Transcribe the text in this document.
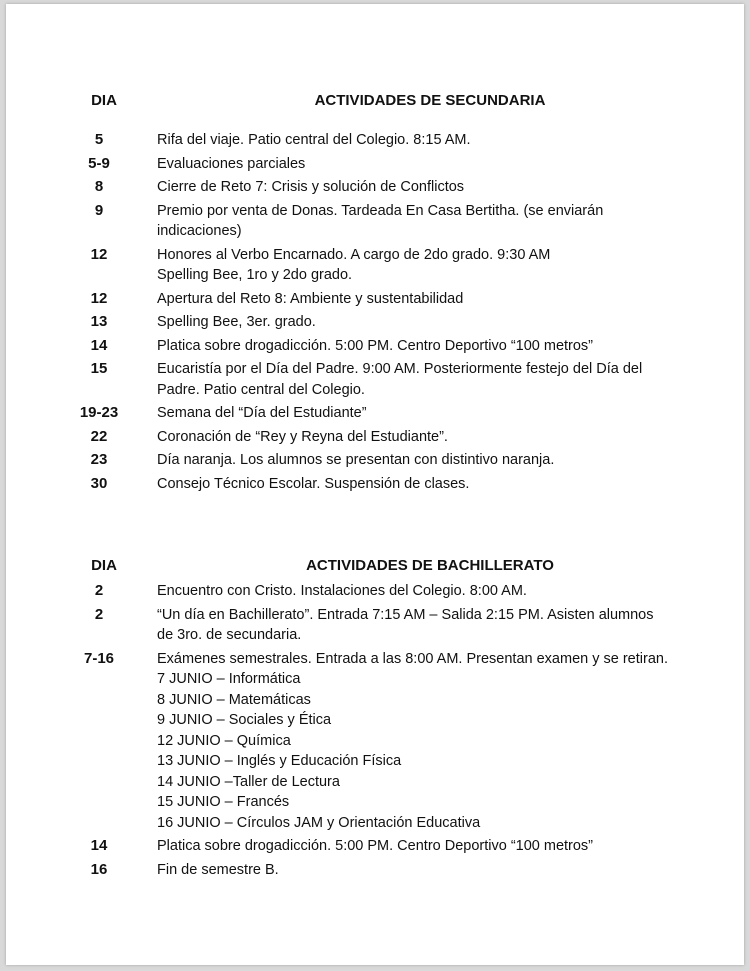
DIA	ACTIVIDADES DE SECUNDARIA
5	Rifa del viaje. Patio central del Colegio. 8:15 AM.
5-9	Evaluaciones parciales
8	Cierre de Reto 7: Crisis y solución de Conflictos
9	Premio por venta de Donas. Tardeada En Casa Bertitha. (se enviarán
indicaciones)
12	Honores al Verbo Encarnado. A cargo de 2do grado. 9:30 AM
Spelling Bee, 1ro y 2do grado.
12	Apertura del Reto 8: Ambiente y sustentabilidad
13	Spelling Bee, 3er. grado.
14	Platica sobre drogadicción. 5:00 PM. Centro Deportivo “100 metros”
15	Eucaristía por el Día del Padre. 9:00 AM. Posteriormente festejo del Día del
Padre. Patio central del Colegio.
19-23	Semana del “Día del Estudiante”
22	Coronación de “Rey y Reyna del Estudiante”.
23	Día naranja. Los alumnos se presentan con distintivo naranja.
30	Consejo Técnico Escolar. Suspensión de clases.
DIA	ACTIVIDADES DE BACHILLERATO
2	Encuentro con Cristo. Instalaciones del Colegio. 8:00 AM.
2	“Un día en Bachillerato”. Entrada 7:15 AM – Salida 2:15 PM. Asisten alumnos
de 3ro. de secundaria.
7-16	Exámenes semestrales. Entrada a las 8:00 AM. Presentan examen y se retiran.
7 JUNIO – Informática
8 JUNIO – Matemáticas
9 JUNIO – Sociales y Ética
12 JUNIO – Química
13 JUNIO – Inglés y Educación Física
14 JUNIO –Taller de Lectura
15 JUNIO – Francés
16 JUNIO – Círculos JAM y Orientación Educativa
14	Platica sobre drogadicción. 5:00 PM. Centro Deportivo “100 metros”
16	Fin de semestre B.
